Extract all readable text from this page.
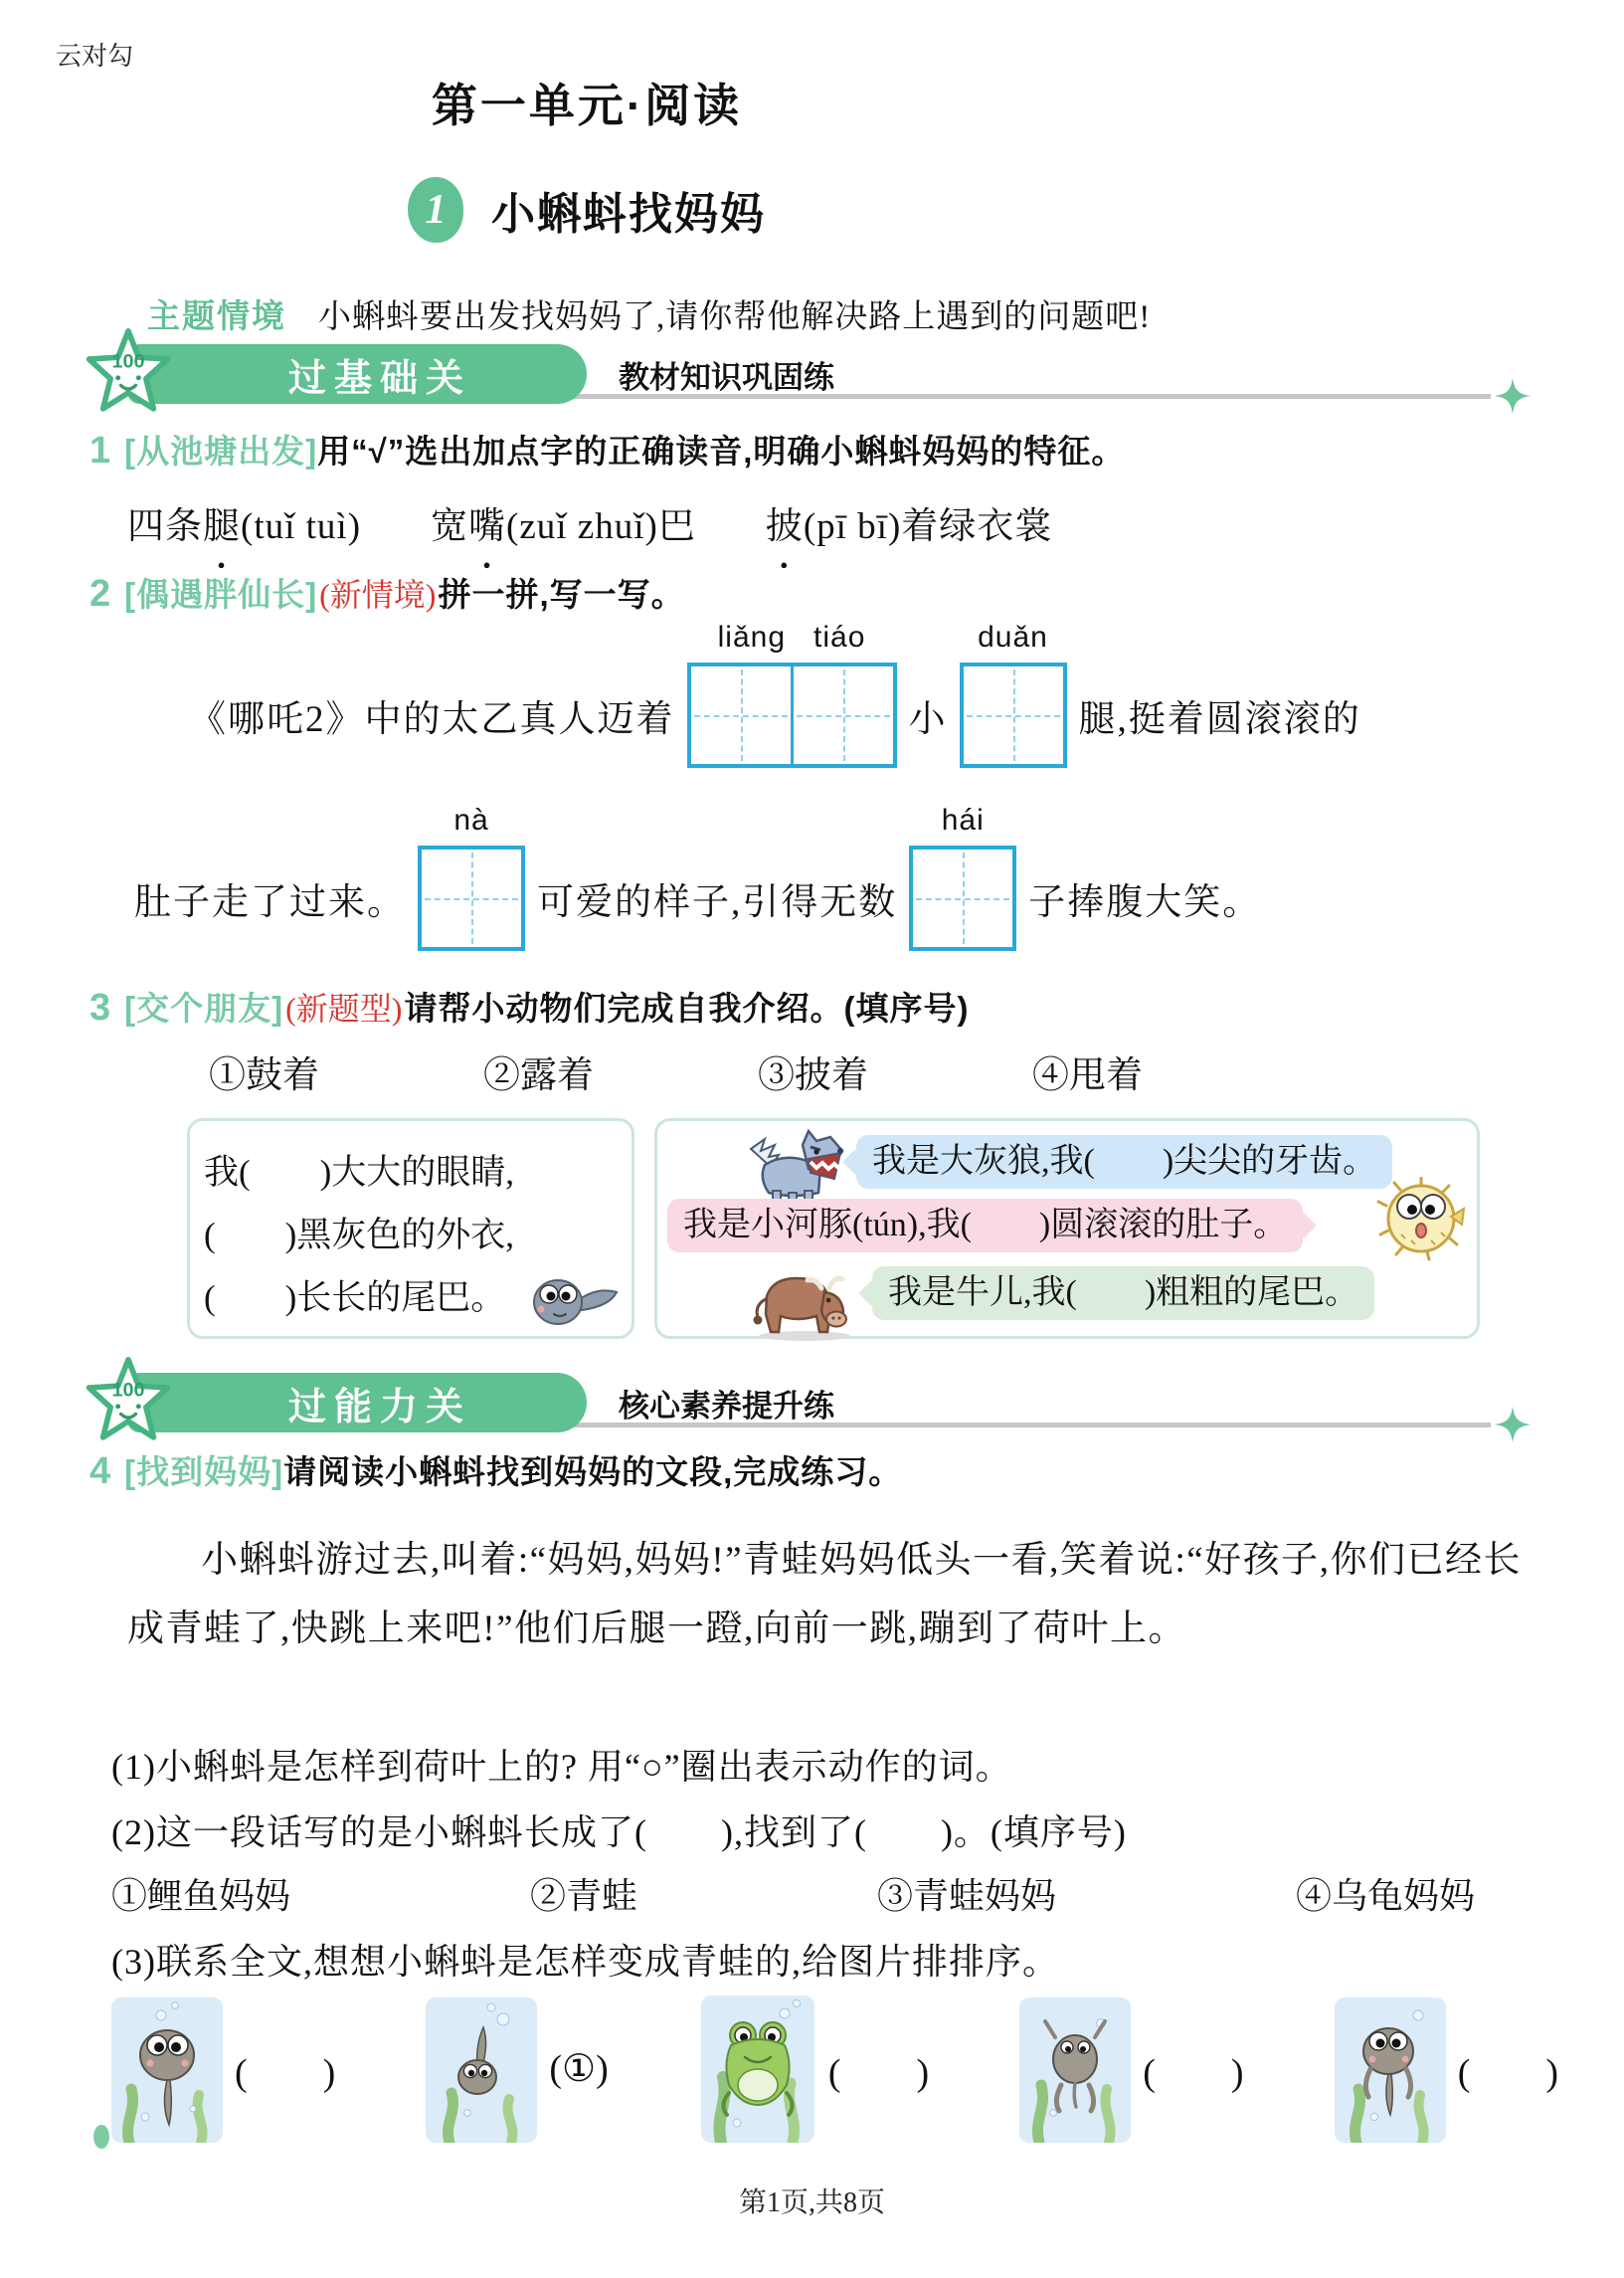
云对勾
第一单元·阅读
1	小蝌蚪找妈妈
主题情境 小蝌蚪要出发找妈妈了,请你帮他解决路上遇到的问题吧!
过基础关
100	教材知识巩固练
1 [从池塘出发] 用“√”选出加点字的正确读音,明确小蝌蚪妈妈的特征。
四条腿 ●(tuǐ tuì) 宽嘴 ●(zuǐ zhuǐ)巴 披 ●(pī bī)着绿衣裳
2 [偶遇胖仙长] (新情境) 拼一拼,写一写。
《哪吒2》中的太乙真人迈着
liǎng   tiáo
小
duǎn
腿,挺着圆滚滚的
肚子走了过来。
nà
可爱的样子,引得无数
hái
子捧腹大笑。
3 [交个朋友] (新题型) 请帮小动物们完成自我介绍。(填序号)
①鼓着	②露着	③披着	④甩着
我(　　)大大的眼睛,
(　　)黑灰色的外衣,
(　　)长长的尾巴。
我是大灰狼,我(　　)尖尖的牙齿。
我是小河豚(tún),我(　　)圆滚滚的肚子。
我是牛儿,我(　　)粗粗的尾巴。
过能力关
100	核心素养提升练
4 [找到妈妈] 请阅读小蝌蚪找到妈妈的文段,完成练习。
小蝌蚪游过去,叫着:“妈妈,妈妈!”青蛙妈妈低头一看,笑着说:“好孩子,你们已经长成青蛙了,快跳上来吧!”他们后腿一蹬,向前一跳,蹦到了荷叶上。
(1)小蝌蚪是怎样到荷叶上的? 用“○”圈出表示动作的词。
(2)这一段话写的是小蝌蚪长成了(　　),找到了(　　)。(填序号)
①鲤鱼妈妈	②青蛙	③青蛙妈妈	④乌龟妈妈
(3)联系全文,想想小蝌蚪是怎样变成青蛙的,给图片排排序。
(　　)	(①)	(　　)	(　　)	(　　)
第1页,共8页
